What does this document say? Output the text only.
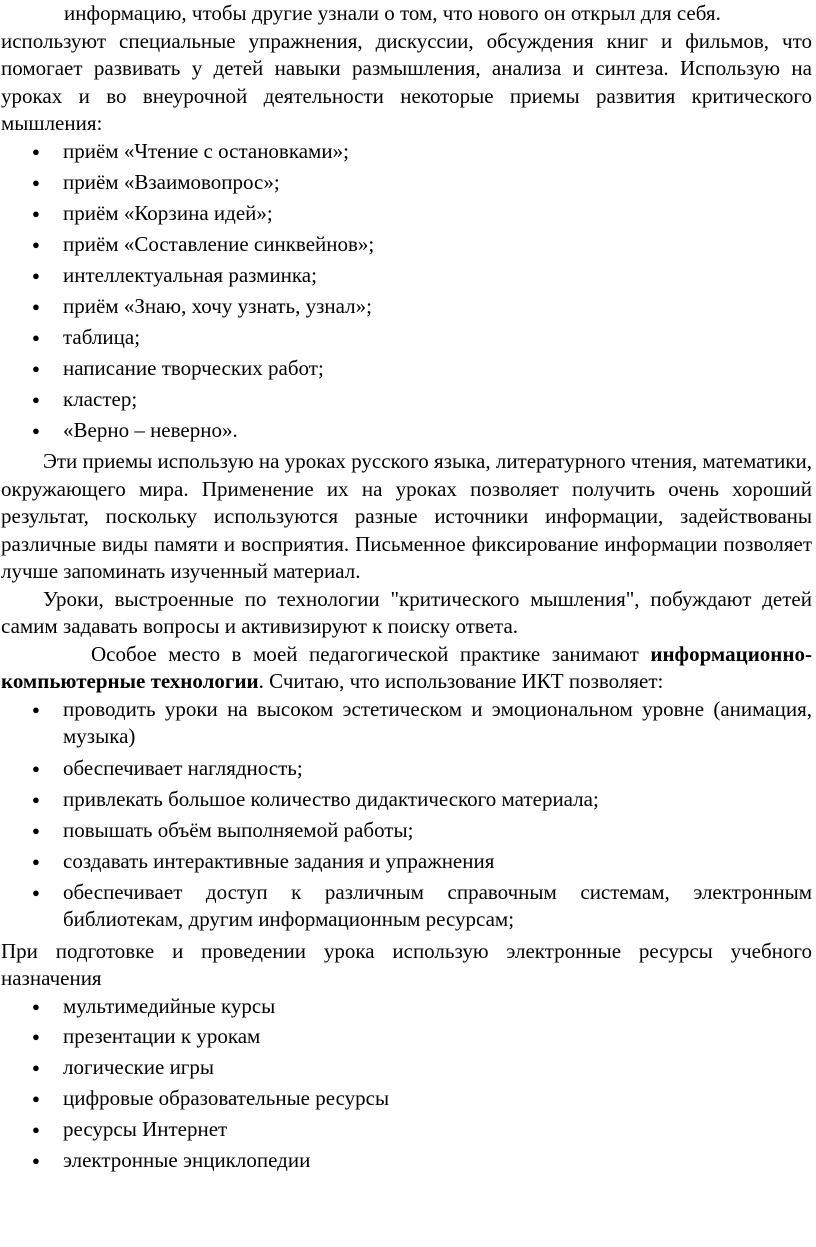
информацию, чтобы другие узнали о том, что нового он открыл для себя.
используют специальные упражнения, дискуссии, обсуждения книг и фильмов, что помогает развивать у детей навыки размышления, анализа и синтеза. Использую на уроках и во внеурочной деятельности некоторые приемы развития критического мышления:

● приём «Чтение с остановками»;
● приём «Взаимовопрос»;
● приём «Корзина идей»;
● приём «Составление синквейнов»;
● интеллектуальная разминка;
● приём «Знаю, хочу узнать, узнал»;
● таблица;
● написание творческих работ;
● кластер;
● «Верно – неверно».

Эти приемы использую на уроках русского языка, литературного чтения, математики, окружающего мира. Применение их на уроках позволяет получить очень хороший результат, поскольку используются разные источники информации, задействованы различные виды памяти и восприятия. Письменное фиксирование информации позволяет лучше запоминать изученный материал.

Уроки, выстроенные по технологии "критического мышления", побуждают детей самим задавать вопросы и активизируют к поиску ответа.

Особое место в моей педагогической практике занимают информационно-компьютерные технологии. Считаю, что использование ИКТ позволяет:

● проводить уроки на высоком эстетическом и эмоциональном уровне (анимация, музыка)
● обеспечивает наглядность;
● привлекать большое количество дидактического материала;
● повышать объём выполняемой работы;
● создавать интерактивные задания и упражнения
● обеспечивает доступ к различным справочным системам, электронным библиотекам, другим информационным ресурсам;

При подготовке и проведении урока использую электронные ресурсы учебного назначения

● мультимедийные курсы
● презентации к урокам
● логические игры
● цифровые образовательные ресурсы
● ресурсы Интернет
● электронные энциклопедии
